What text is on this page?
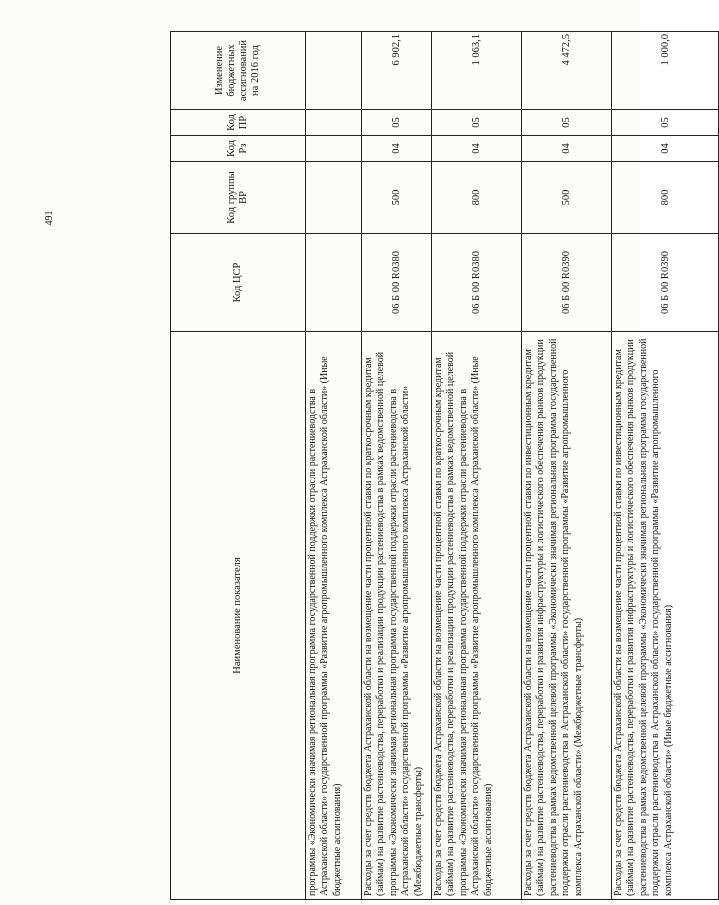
491
Наименование показателя	Код ЦСР	Код группы ВР	Код Рз	Код ПР	Изменение бюджетных ассигнований на 2016 год
программы «Экономически значимая региональная программа государственной поддержки отрасли растениеводства в Астраханской области» государственной программы «Развитие агропромышленного комплекса Астраханской области» (Иные бюджетные ассигнования)					
Расходы за счет средств бюджета Астраханской области на возмещение части процентной ставки по краткосрочным кредитам (займам) на развитие растениеводства, переработки и реализации продукции растениеводства в рамках ведомственной целевой программы «Экономически значимая региональная программа государственной поддержки отрасли растениеводства в Астраханской области» государственной программы «Развитие агропромышленного комплекса Астраханской области» (Межбюджетные трансферты)	06 Б 00 R0380	500	04	05	6 902,1
Расходы за счет средств бюджета Астраханской области на возмещение части процентной ставки по краткосрочным кредитам (займам) на развитие растениеводства, переработки и реализации продукции растениеводства в рамках ведомственной целевой программы «Экономически значимая региональная программа государственной поддержки отрасли растениеводства в Астраханской области» государственной программы «Развитие агропромышленного комплекса Астраханской области» (Иные бюджетные ассигнования)	06 Б 00 R0380	800	04	05	1 063,1
Расходы за счет средств бюджета Астраханской области на возмещение части процентной ставки по инвестиционным кредитам (займам) на развитие растениеводства, переработки и развития инфраструктуры и логистического обеспечения рынков продукции растениеводства в рамках ведомственной целевой программы «Экономически значимая региональная программа государственной поддержки отрасли растениеводства в Астраханской области» государственной программы «Развитие агропромышленного комплекса Астраханской области» (Межбюджетные трансферты)	06 Б 00 R0390	500	04	05	4 472,5
Расходы за счет средств бюджета Астраханской области на возмещение части процентной ставки по инвестиционным кредитам (займам) на развитие растениеводства, переработки и развития инфраструктуры и логистического обеспечения рынков продукции растениеводства в рамках ведомственной целевой программы «Экономически значимая региональная программа государственной поддержки отрасли растениеводства в Астраханской области» государственной программы «Развитие агропромышленного комплекса Астраханской области» (Иные бюджетные ассигнования)	06 Б 00 R0390	800	04	05	1 000,0
